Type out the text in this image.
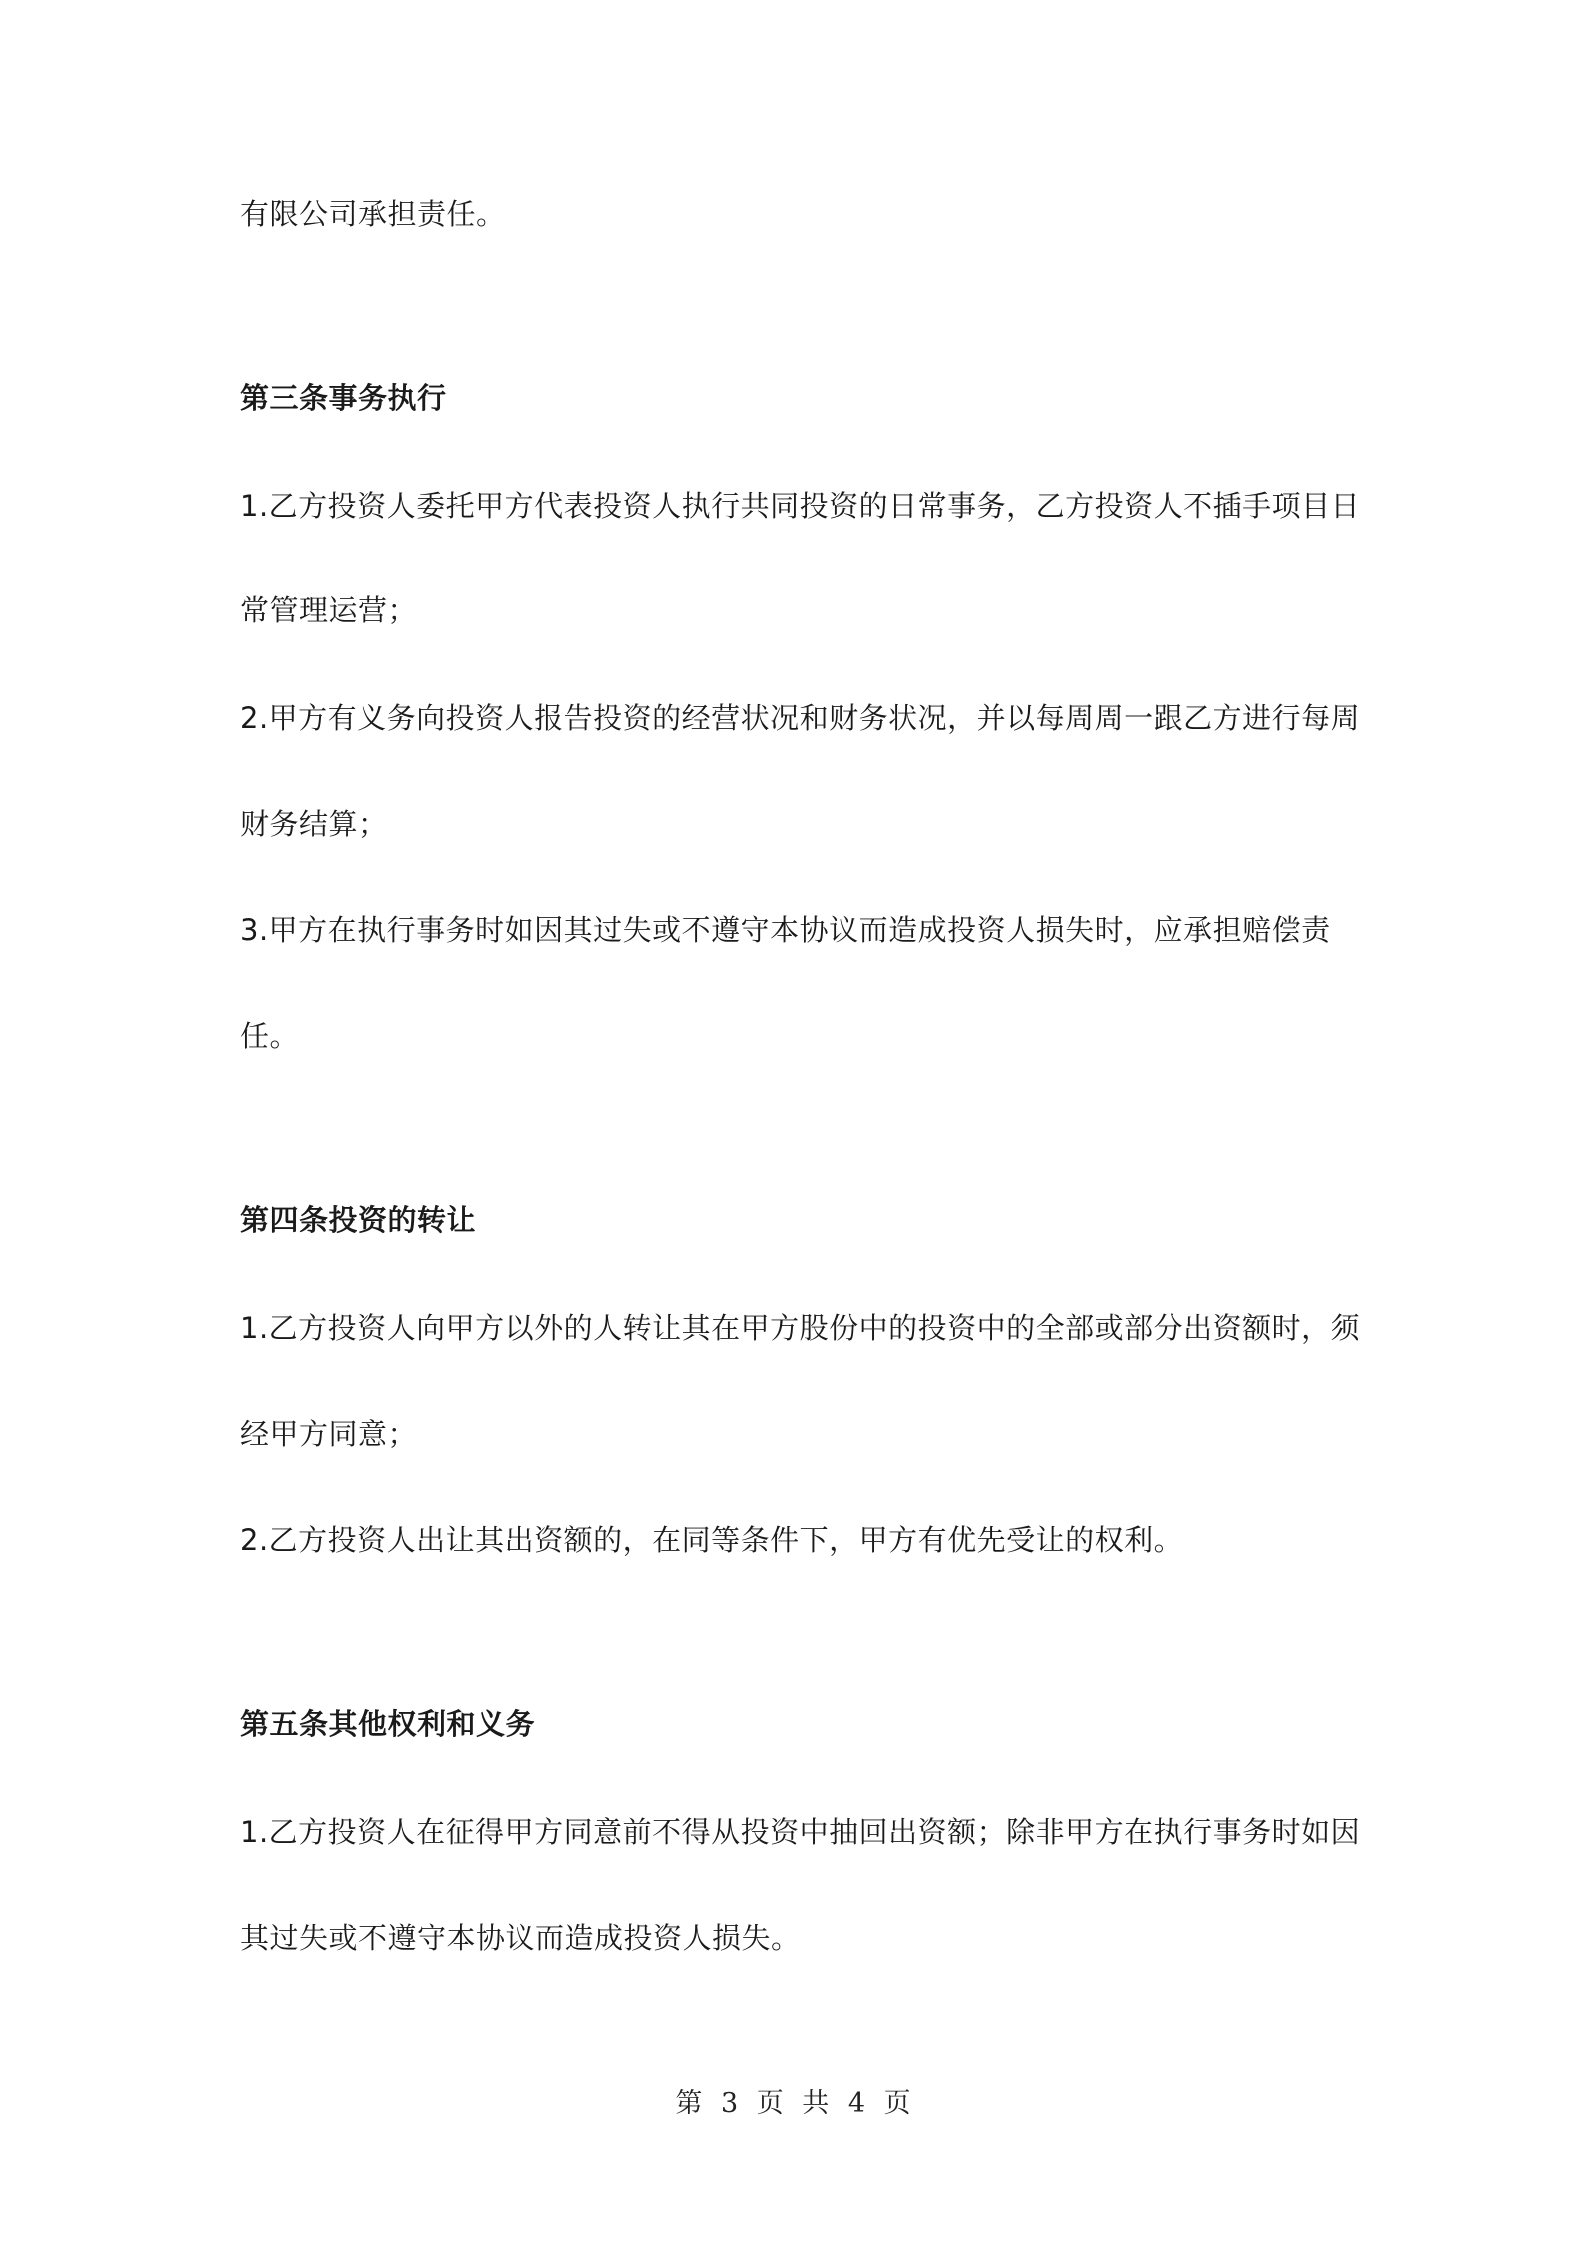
有限公司承担责任。
第三条事务执行
1.乙方投资人委托甲方代表投资人执行共同投资的日常事务，乙方投资人不插手项目日
常管理运营；
2.甲方有义务向投资人报告投资的经营状况和财务状况，并以每周周一跟乙方进行每周
财务结算；
3.甲方在执行事务时如因其过失或不遵守本协议而造成投资人损失时，应承担赔偿责
任。
第四条投资的转让
1.乙方投资人向甲方以外的人转让其在甲方股份中的投资中的全部或部分出资额时，须
经甲方同意；
2.乙方投资人出让其出资额的，在同等条件下，甲方有优先受让的权利。
第五条其他权利和义务
1.乙方投资人在征得甲方同意前不得从投资中抽回出资额；除非甲方在执行事务时如因
其过失或不遵守本协议而造成投资人损失。
第 3 页 共 4 页
